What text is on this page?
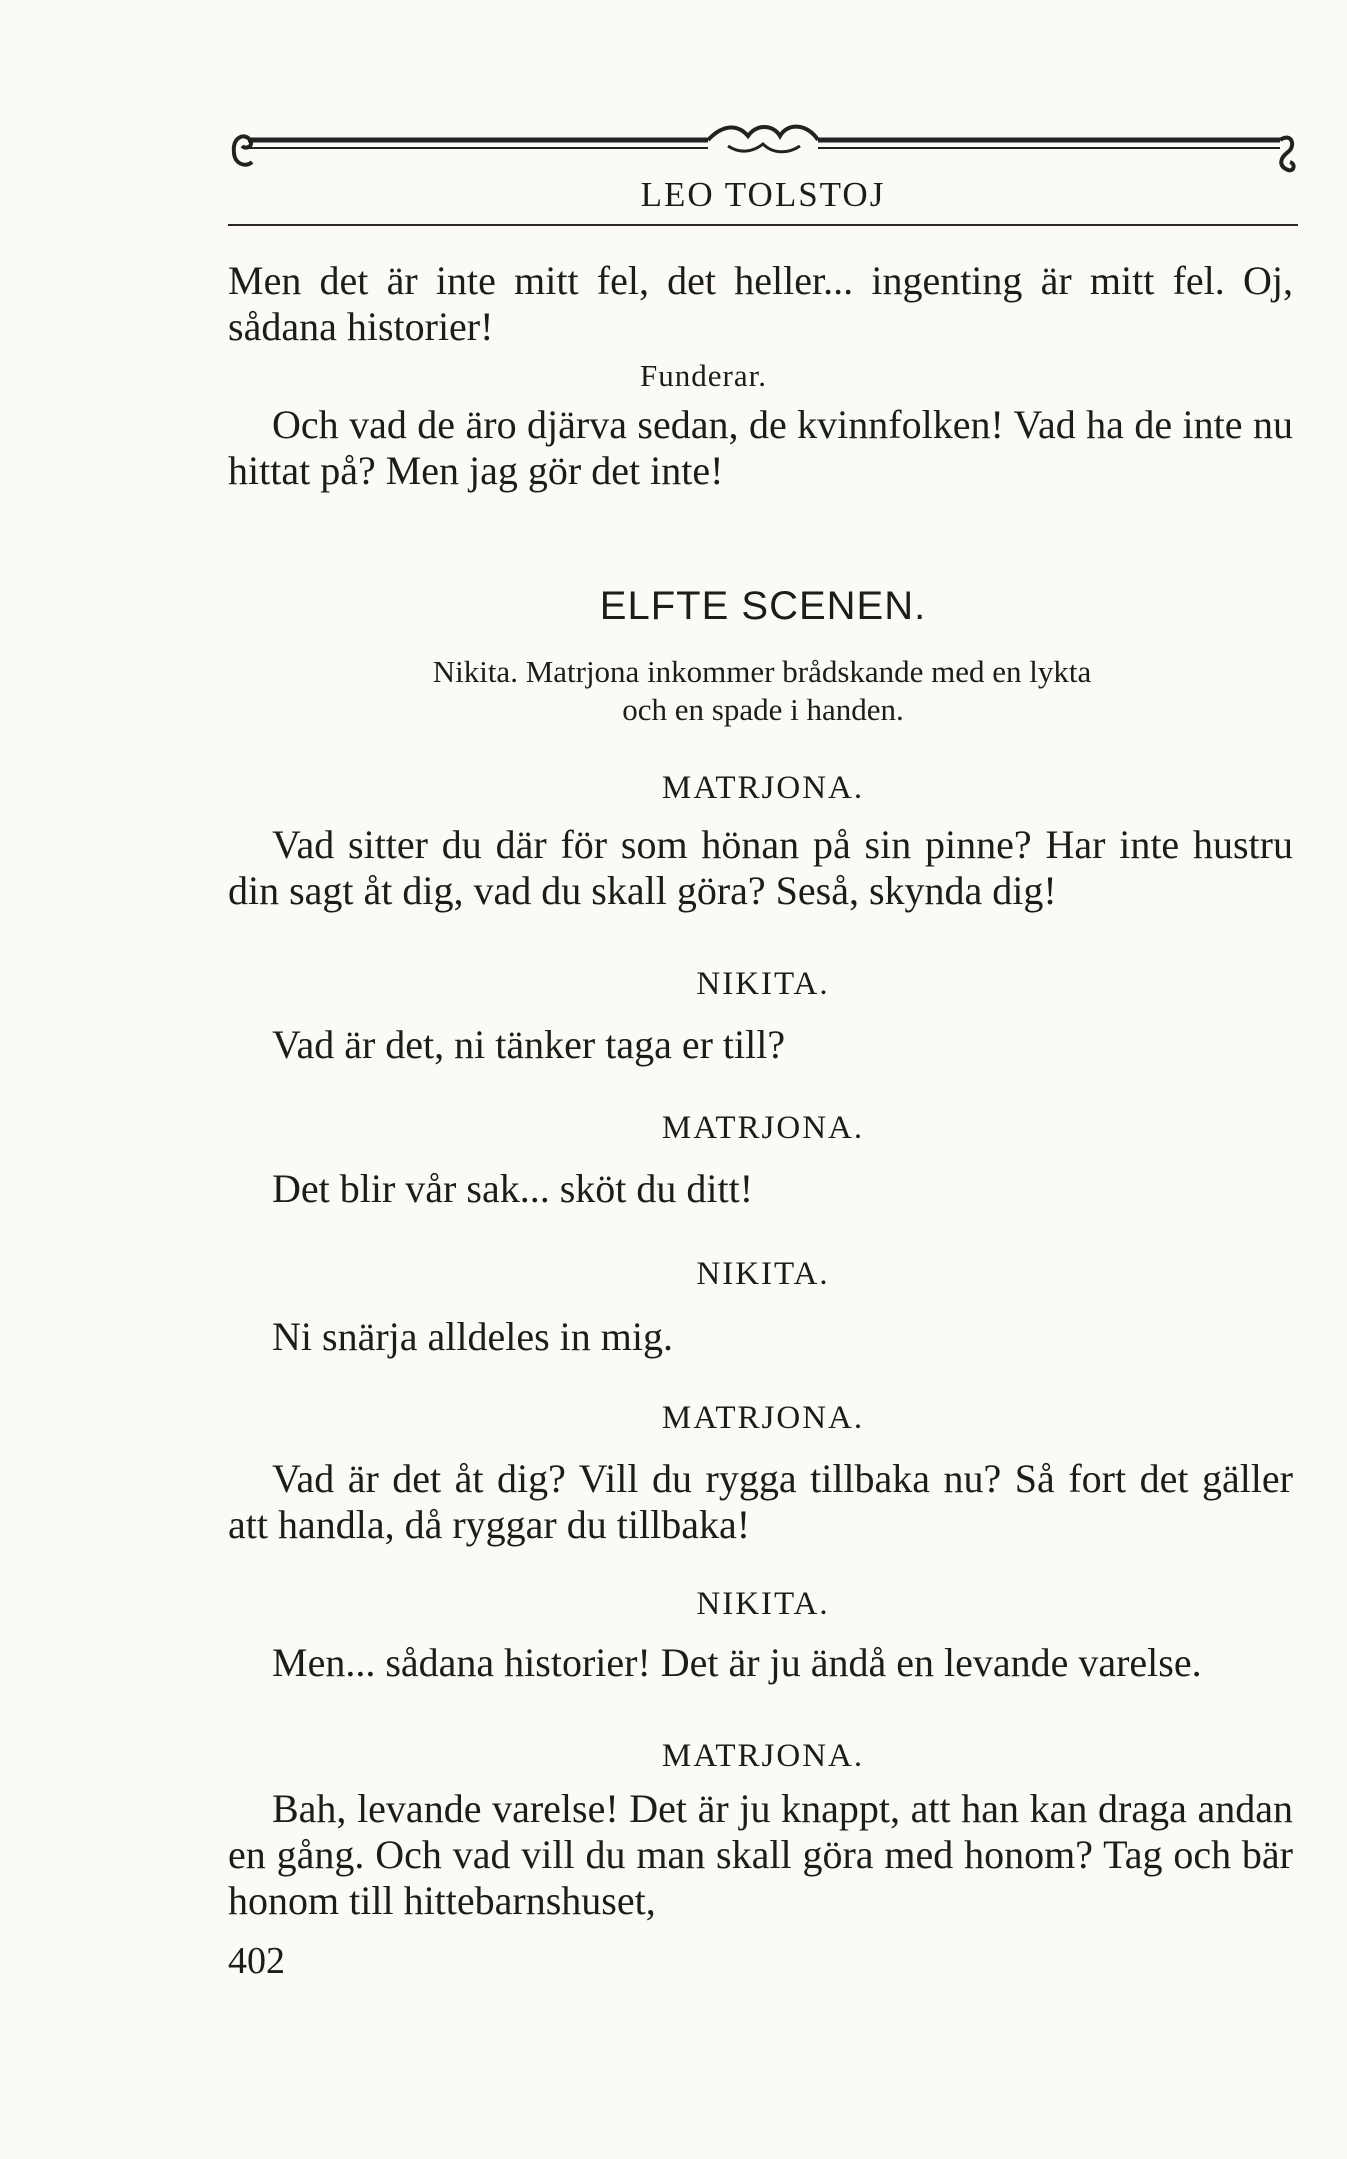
LEO TOLSTOJ
Men det är inte mitt fel, det heller... ingenting är mitt fel. Oj, sådana historier!
Funderar.
Och vad de äro djärva sedan, de kvinnfolken! Vad ha de inte nu hittat på? Men jag gör det inte!
ELFTE SCENEN.
Nikita. Matrjona inkommer brådskande med en lykta
och en spade i handen.
MATRJONA.
Vad sitter du där för som hönan på sin pinne? Har inte hustru din sagt åt dig, vad du skall göra? Seså, skynda dig!
NIKITA.
Vad är det, ni tänker taga er till?
MATRJONA.
Det blir vår sak... sköt du ditt!
NIKITA.
Ni snärja alldeles in mig.
MATRJONA.
Vad är det åt dig? Vill du rygga tillbaka nu? Så fort det gäller att handla, då ryggar du tillbaka!
NIKITA.
Men... sådana historier! Det är ju ändå en levande varelse.
MATRJONA.
Bah, levande varelse! Det är ju knappt, att han kan draga andan en gång. Och vad vill du man skall göra med honom? Tag och bär honom till hittebarnshuset,
402
